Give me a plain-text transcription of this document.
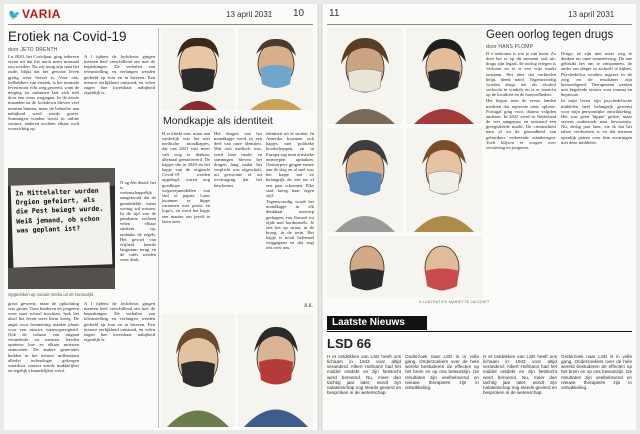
🐦VARIA	13 april 2031 10
Erotiek na Covid-19
door JETO DRENTH

I n 2020, het Covidjaar, ging iedereen ervan uit dat het nooit meer normaal zou worden. Nu wij terug zijn naar het oude, blijkt dat het gewone leven gretig weer hervat is. Voor ons, liefhebbers van erotiek, is het normale leven nooit echt weg geweest, want de neiging tot intimiteit laat zich niet door een virus wegjagen. In de eerste maanden na de lockdown bleven veel mensen binnen, maar de behoefte aan nabijheid werd steeds groter. Sommigen vonden troost in online contact, anderen zochten elkaar toch voorzichtig op.

A l tijdens de lockdown gingen mensen heel verschillend om met de beperkingen. De verhalen van teleurstelling en verlangen werden gedeeld op fora en in brieven. Een nieuwe eerlijkheid ontstond, en velen zagen hoe kwetsbaar nabijheid eigenlijk is.

In Mittelalter wurden Orgien gefeiert, als die Pest beiegt wurde. Weiß jemand, ob schon was geplant ist?
Opgedoken op sociale media uit de coronatijd.

N og één detail: het is wetenschappelijk aangetoond dat de gemiddelde mens weinig wil missen. In de tijd van de pandemie zochten velen elkaar stiekem op, ondanks de regels. Het gevoel van vrijheid keerde langzaam terug en de cafés werden weer druk.

groot geweest, maar de opluchting was groter. Toen kinderen en jongeren weer naar school mochten, leek het alsof het leven weer kleur kreeg. De angst voor besmetting maakte plaats voor een nieuwe nieuwsgierigheid. Ook de cultuur van uitgaan veranderde en mensen leerden opnieuw hoe ze elkaar moesten ontmoeten. De andere generaties hadden in het nieuwe millennium allerlei technologie gekregen waardoor contact steeds makkelijker en tegelijk afstandelijker werd.

A l tijdens de lockdown gingen mensen heel verschillend om met de beperkingen. De verhalen van teleurstelling en verlangen werden gedeeld op fora en in brieven. Een nieuwe eerlijkheid ontstond, en velen zagen hoe kwetsbaar nabijheid eigenlijk is.

Mondkapje als identiteit

H et klinkt raar, maar aan vankelijk was het niet medische mondkapjes, dat ons 2031 niet meer valt weg te denken, allemaal gemotiveerd. De kapjes die in 2020 en het kapje van de originele Covid-19 werden opgelegd, waren nog goedkope wegwerpmodellen van stof of papier. Later kwamen er hippe varianten met prints en logo's, en werd het kapje een manier om jezelf te laten zien.

Het dragen van het mondkapje werd zo een deel van onze identiteit. Wat ooit medisch was, werd later mode, en sommigen bleven het dragen lang nadat het verplicht was afgeschaft, uit gewoonte of uit overtuiging dat het beschermt.

identiteit uit te stralen. In Amerika kwamen ook kapjes met politieke boodschappen, en in Europa zag men artistieke ontwerpen opduiken. Ontwerpers gingen ermee aan de slag en al snel was het kapje net zo belangrijk als een tas of een paar schoenen. Elke stad kreeg haar eigen stijl.

Tegenwoordig wordt het mondkapje in elk denkbaar ontwerp gedragen, van fluweel tot zijde met borduursels. Je ziet het op straat, in de kroeg, in de trein. Het kapje is nooit helemaal weggegaan en dat zegt iets over ons.

R.K.
11	13 april 2031
Geen oorlog tegen drugs
door HANS PLOMP
ILLUSTRATIES MARIETTE JACQUET

D e toekomst is wat je van komt. Zo doet het er op dit moment ook uit: drugs zijn legaal, de oorlog ertegen is verloren en er is een vrije markt ontstaan. Het idee dat verbieden helpt, bleek naïef. Tegenwoordig worden drugs net als alcohol verkocht in winkels en is er toezicht op de kwaliteit en de hoeveelheden.

Het begon toen de eerste landen merkten dat repressie niets oploste. Portugal ging voor, daarna volgden anderen. In 2025 werd in Nederland de wet aangepast en ontstond een gereguleerde markt. De criminaliteit nam af en de gezondheid van gebruikers verbeterde zienderogen. Toch blijven er zorgen over verslaving en jongeren.

Drugs; ze zijn niet meer weg te denken uit onze samenleving. De ene gebruikt het om te ontspannen, de ander om dieper in zichzelf te kijken. Psychedelica worden ingezet in de zorg en de resultaten zijn bemoedigend. Therapeuten werken met begeleide sessies voor trauma en depressie.

In mijn leven zijn psychedelische middelen heel belangrijk geweest voor mijn persoonlijke ontwikkeling. Het was geen 'hippie' gedoe, maar serieus onderzoek naar bewustzijn. Nu, dertig jaar later, zie ik dat het taboe verdwenen is en dat mensen openlijk praten over hun ervaringen met deze middelen.

Laatste Nieuws
LSD 66

H et ontdekken van LSD heeft ons lichaam in 1943 voor altijd veranderd. Albert Hofmann had het middel ontdekt en zijn fietstocht werd beroemd. Nu, meer dan tachtig jaar later, wordt zijn nalatenschap nog steeds gevierd en besproken in de wetenschap.

Onderzoek naar LSD is in volle gang. Onderzoekers over de hele wereld bestuderen de effecten op het brein en op ons bewustzijn. De resultaten zijn veelbelovend en nieuwe therapieën zijn in ontwikkeling.

H et ontdekken van LSD heeft ons lichaam in 1943 voor altijd veranderd. Albert Hofmann had het middel ontdekt en zijn fietstocht werd beroemd. Nu, meer dan tachtig jaar later, wordt zijn nalatenschap nog steeds gevierd en besproken in de wetenschap.

Onderzoek naar LSD is in volle gang. Onderzoekers over de hele wereld bestuderen de effecten op het brein en op ons bewustzijn. De resultaten zijn veelbelovend en nieuwe therapieën zijn in ontwikkeling.
